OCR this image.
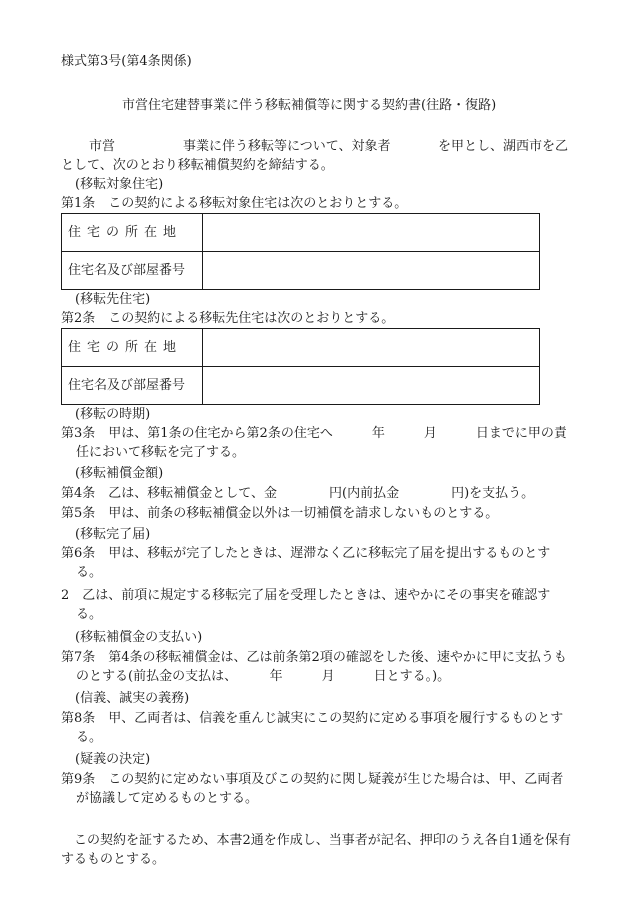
様式第3号(第4条関係)
市営住宅建替事業に伴う移転補償等に関する契約書(往路・復路)
市営	事業に伴う移転等について、対象者	を甲とし、湖西市を乙
として、次のとおり移転補償契約を締結する。
(移転対象住宅)
第1条　この契約による移転対象住宅は次のとおりとする。
住宅の所在地	
住宅名及び部屋番号	
(移転先住宅)
第2条　この契約による移転先住宅は次のとおりとする。
住宅の所在地	
住宅名及び部屋番号	
(移転の時期)
第3条　甲は、第1条の住宅から第2条の住宅へ　　　年　　　月　　　日までに甲の責任において移転を完了する。
(移転補償金額)
第4条　乙は、移転補償金として、金　　　　円(内前払金　　　　円)を支払う。
第5条　甲は、前条の移転補償金以外は一切補償を請求しないものとする。
(移転完了届)
第6条　甲は、移転が完了したときは、遅滞なく乙に移転完了届を提出するものとする。
2　乙は、前項に規定する移転完了届を受理したときは、速やかにその事実を確認する。
(移転補償金の支払い)
第7条　第4条の移転補償金は、乙は前条第2項の確認をした後、速やかに甲に支払うものとする(前払金の支払は、　　　年　　　月　　　日とする。)。
(信義、誠実の義務)
第8条　甲、乙両者は、信義を重んじ誠実にこの契約に定める事項を履行するものとする。
(疑義の決定)
第9条　この契約に定めない事項及びこの契約に関し疑義が生じた場合は、甲、乙両者が協議して定めるものとする。
この契約を証するため、本書2通を作成し、当事者が記名、押印のうえ各自1通を保有するものとする。
